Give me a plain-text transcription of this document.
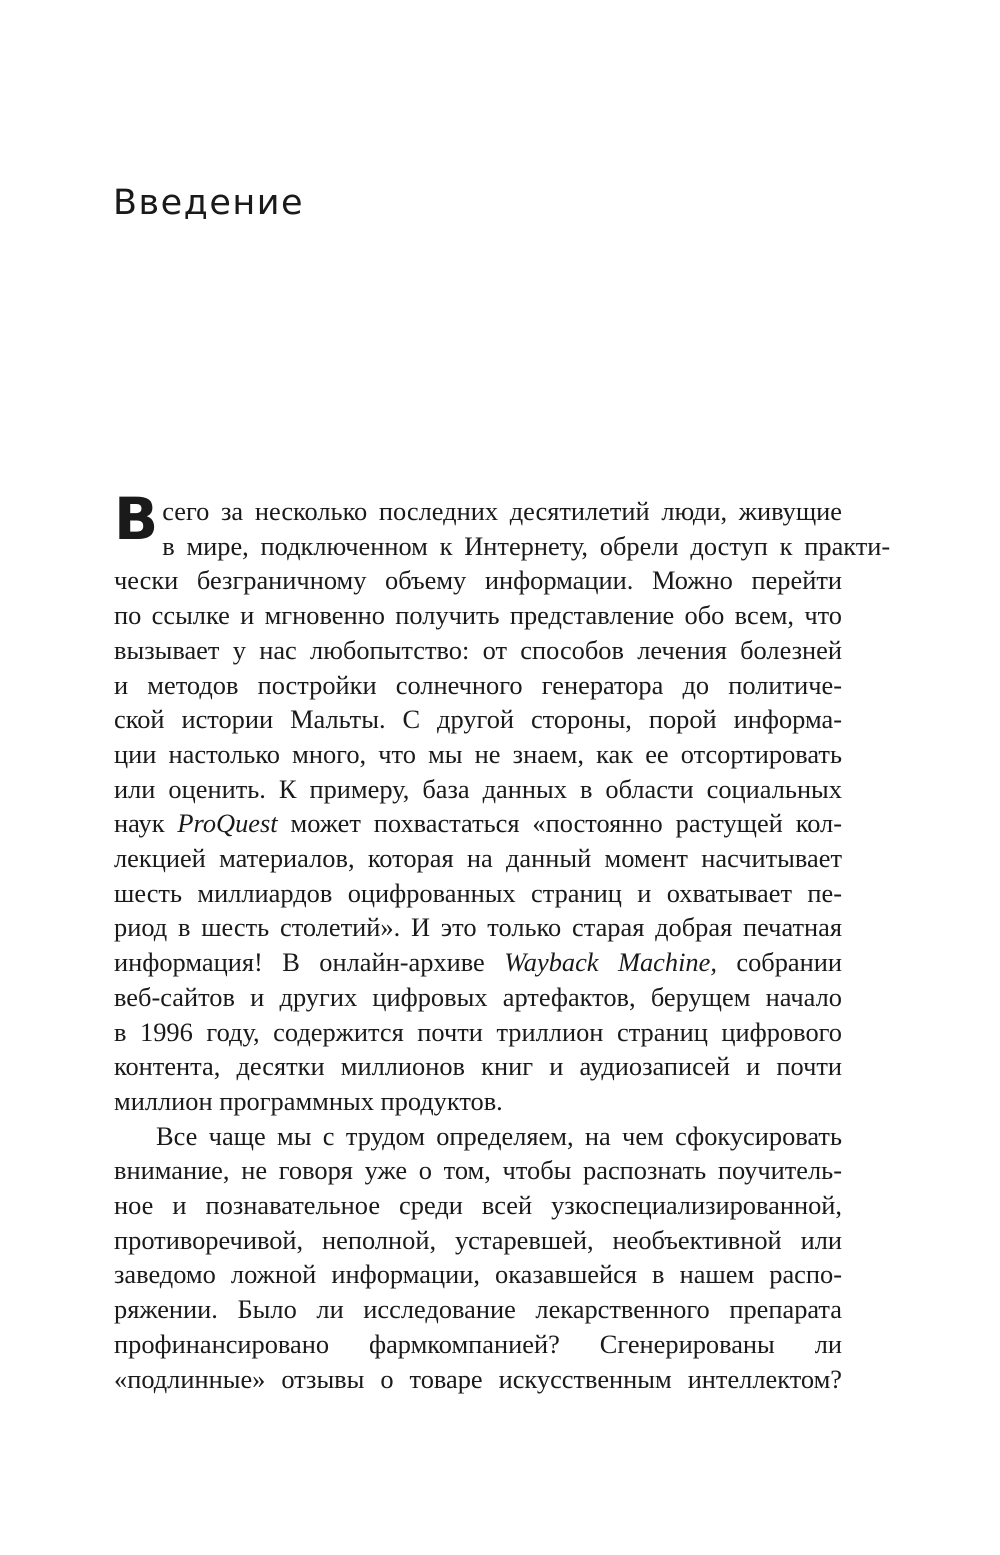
Введение
В сего за несколько последних десятилетий люди, живущие
в мире, подключенном к Интернету, обрели доступ к практи-
чески безграничному объему информации. Можно перейти
по ссылке и мгновенно получить представление обо всем, что
вызывает у нас любопытство: от способов лечения болезней
и методов постройки солнечного генератора до политиче-
ской истории Мальты. С другой стороны, порой информа-
ции настолько много, что мы не знаем, как ее отсортировать
или оценить. К примеру, база данных в области социальных
наук ProQuest может похвастаться «постоянно растущей кол-
лекцией материалов, которая на данный момент насчитывает
шесть миллиардов оцифрованных страниц и охватывает пе-
риод в шесть столетий». И это только старая добрая печатная
информация! В онлайн-архиве Wayback Machine, собрании
веб-сайтов и других цифровых артефактов, берущем начало
в 1996 году, содержится почти триллион страниц цифрового
контента, десятки миллионов книг и аудиозаписей и почти
миллион программных продуктов.
Все чаще мы с трудом определяем, на чем сфокусировать
внимание, не говоря уже о том, чтобы распознать поучитель-
ное и познавательное среди всей узкоспециализированной,
противоречивой, неполной, устаревшей, необъективной или
заведомо ложной информации, оказавшейся в нашем распо-
ряжении. Было ли исследование лекарственного препарата
профинансировано фармкомпанией? Сгенерированы ли
«подлинные» отзывы о товаре искусственным интеллектом?
